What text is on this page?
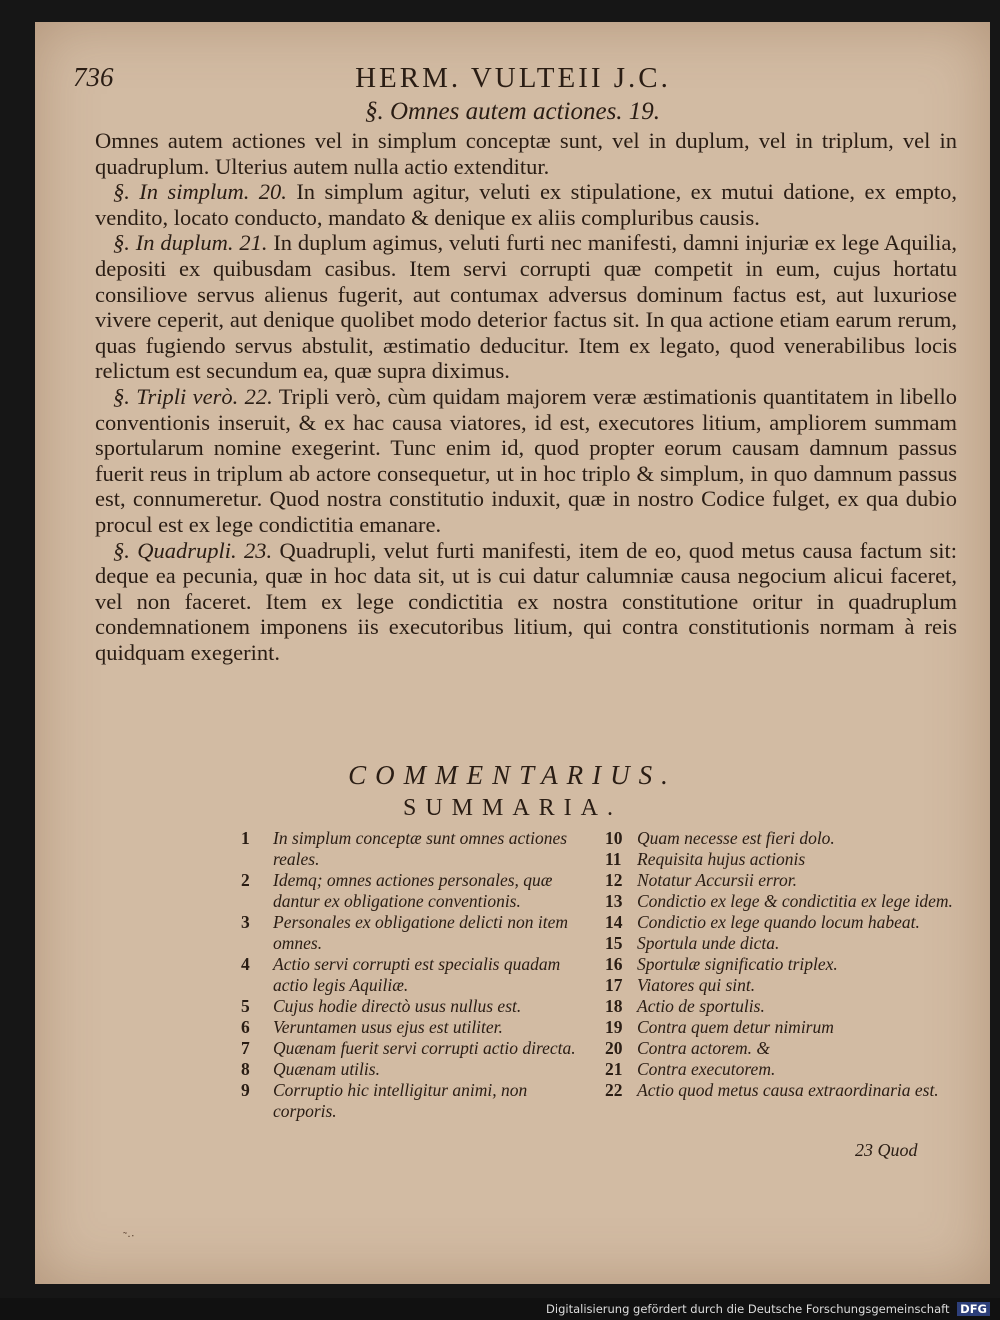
736	HERM. VULTEII J.C.
§. Omnes autem actiones. 19.

Omnes autem actiones vel in simplum conceptæ sunt, vel in duplum, vel in triplum, vel in quadruplum. Ulterius autem nulla actio extenditur.

§. In simplum. 20. In simplum agitur, veluti ex stipulatione, ex mutui datione, ex empto, vendito, locato conducto, mandato & denique ex aliis compluribus causis.

§. In duplum. 21. In duplum agimus, veluti furti nec manifesti, damni injuriæ ex lege Aquilia, depositi ex quibusdam casibus. Item servi corrupti quæ competit in eum, cujus hortatu consiliove servus alienus fugerit, aut contumax adversus dominum factus est, aut luxuriose vivere ceperit, aut denique quolibet modo deterior factus sit. In qua actione etiam earum rerum, quas fugiendo servus abstulit, æstimatio deducitur. Item ex legato, quod venerabilibus locis relictum est secundum ea, quæ supra diximus.

§. Tripli verò. 22. Tripli verò, cùm quidam majorem veræ æstimationis quantitatem in libello conventionis inseruit, & ex hac causa viatores, id est, executores litium, ampliorem summam sportularum nomine exegerint. Tunc enim id, quod propter eorum causam damnum passus fuerit reus in triplum ab actore consequetur, ut in hoc triplo & simplum, in quo damnum passus est, connumeretur. Quod nostra constitutio induxit, quæ in nostro Codice fulget, ex qua dubio procul est ex lege condictitia emanare.

§. Quadrupli. 23. Quadrupli, velut furti manifesti, item de eo, quod metus causa factum sit: deque ea pecunia, quæ in hoc data sit, ut is cui datur calumniæ causa negocium alicui faceret, vel non faceret. Item ex lege condictitia ex nostra constitutione oritur in quadruplum condemnationem imponens iis executoribus litium, qui contra constitutionis normam à reis quidquam exegerint.

COMMENTARIUS.
SUMMARIA.
1	In simplum conceptæ sunt omnes actiones reales.
2	Idemq; omnes actiones personales, quæ dantur ex obligatione conventionis.
3	Personales ex obligatione delicti non item omnes.
4	Actio servi corrupti est specialis quadam actio legis Aquiliæ.
5	Cujus hodie directò usus nullus est.
6	Veruntamen usus ejus est utiliter.
7	Quænam fuerit servi corrupti actio directa.
8	Quænam utilis.
9	Corruptio hic intelligitur animi, non corporis.
10 Quam necesse est fieri dolo.
11 Requisita hujus actionis
12 Notatur Accursii error.
13 Condictio ex lege & condictitia ex lege idem.
14 Condictio ex lege quando locum habeat.
15 Sportula unde dicta.
16 Sportulæ significatio triplex.
17 Viatores qui sint.
18 Actio de sportulis.
19 Contra quem detur nimirum
20 Contra actorem. &
21 Contra executorem.
22 Actio quod metus causa extraordinaria est.
23 Quod
˜·ᐧ
Digitalisierung gefördert durch die Deutsche Forschungsgemeinschaft DFG
